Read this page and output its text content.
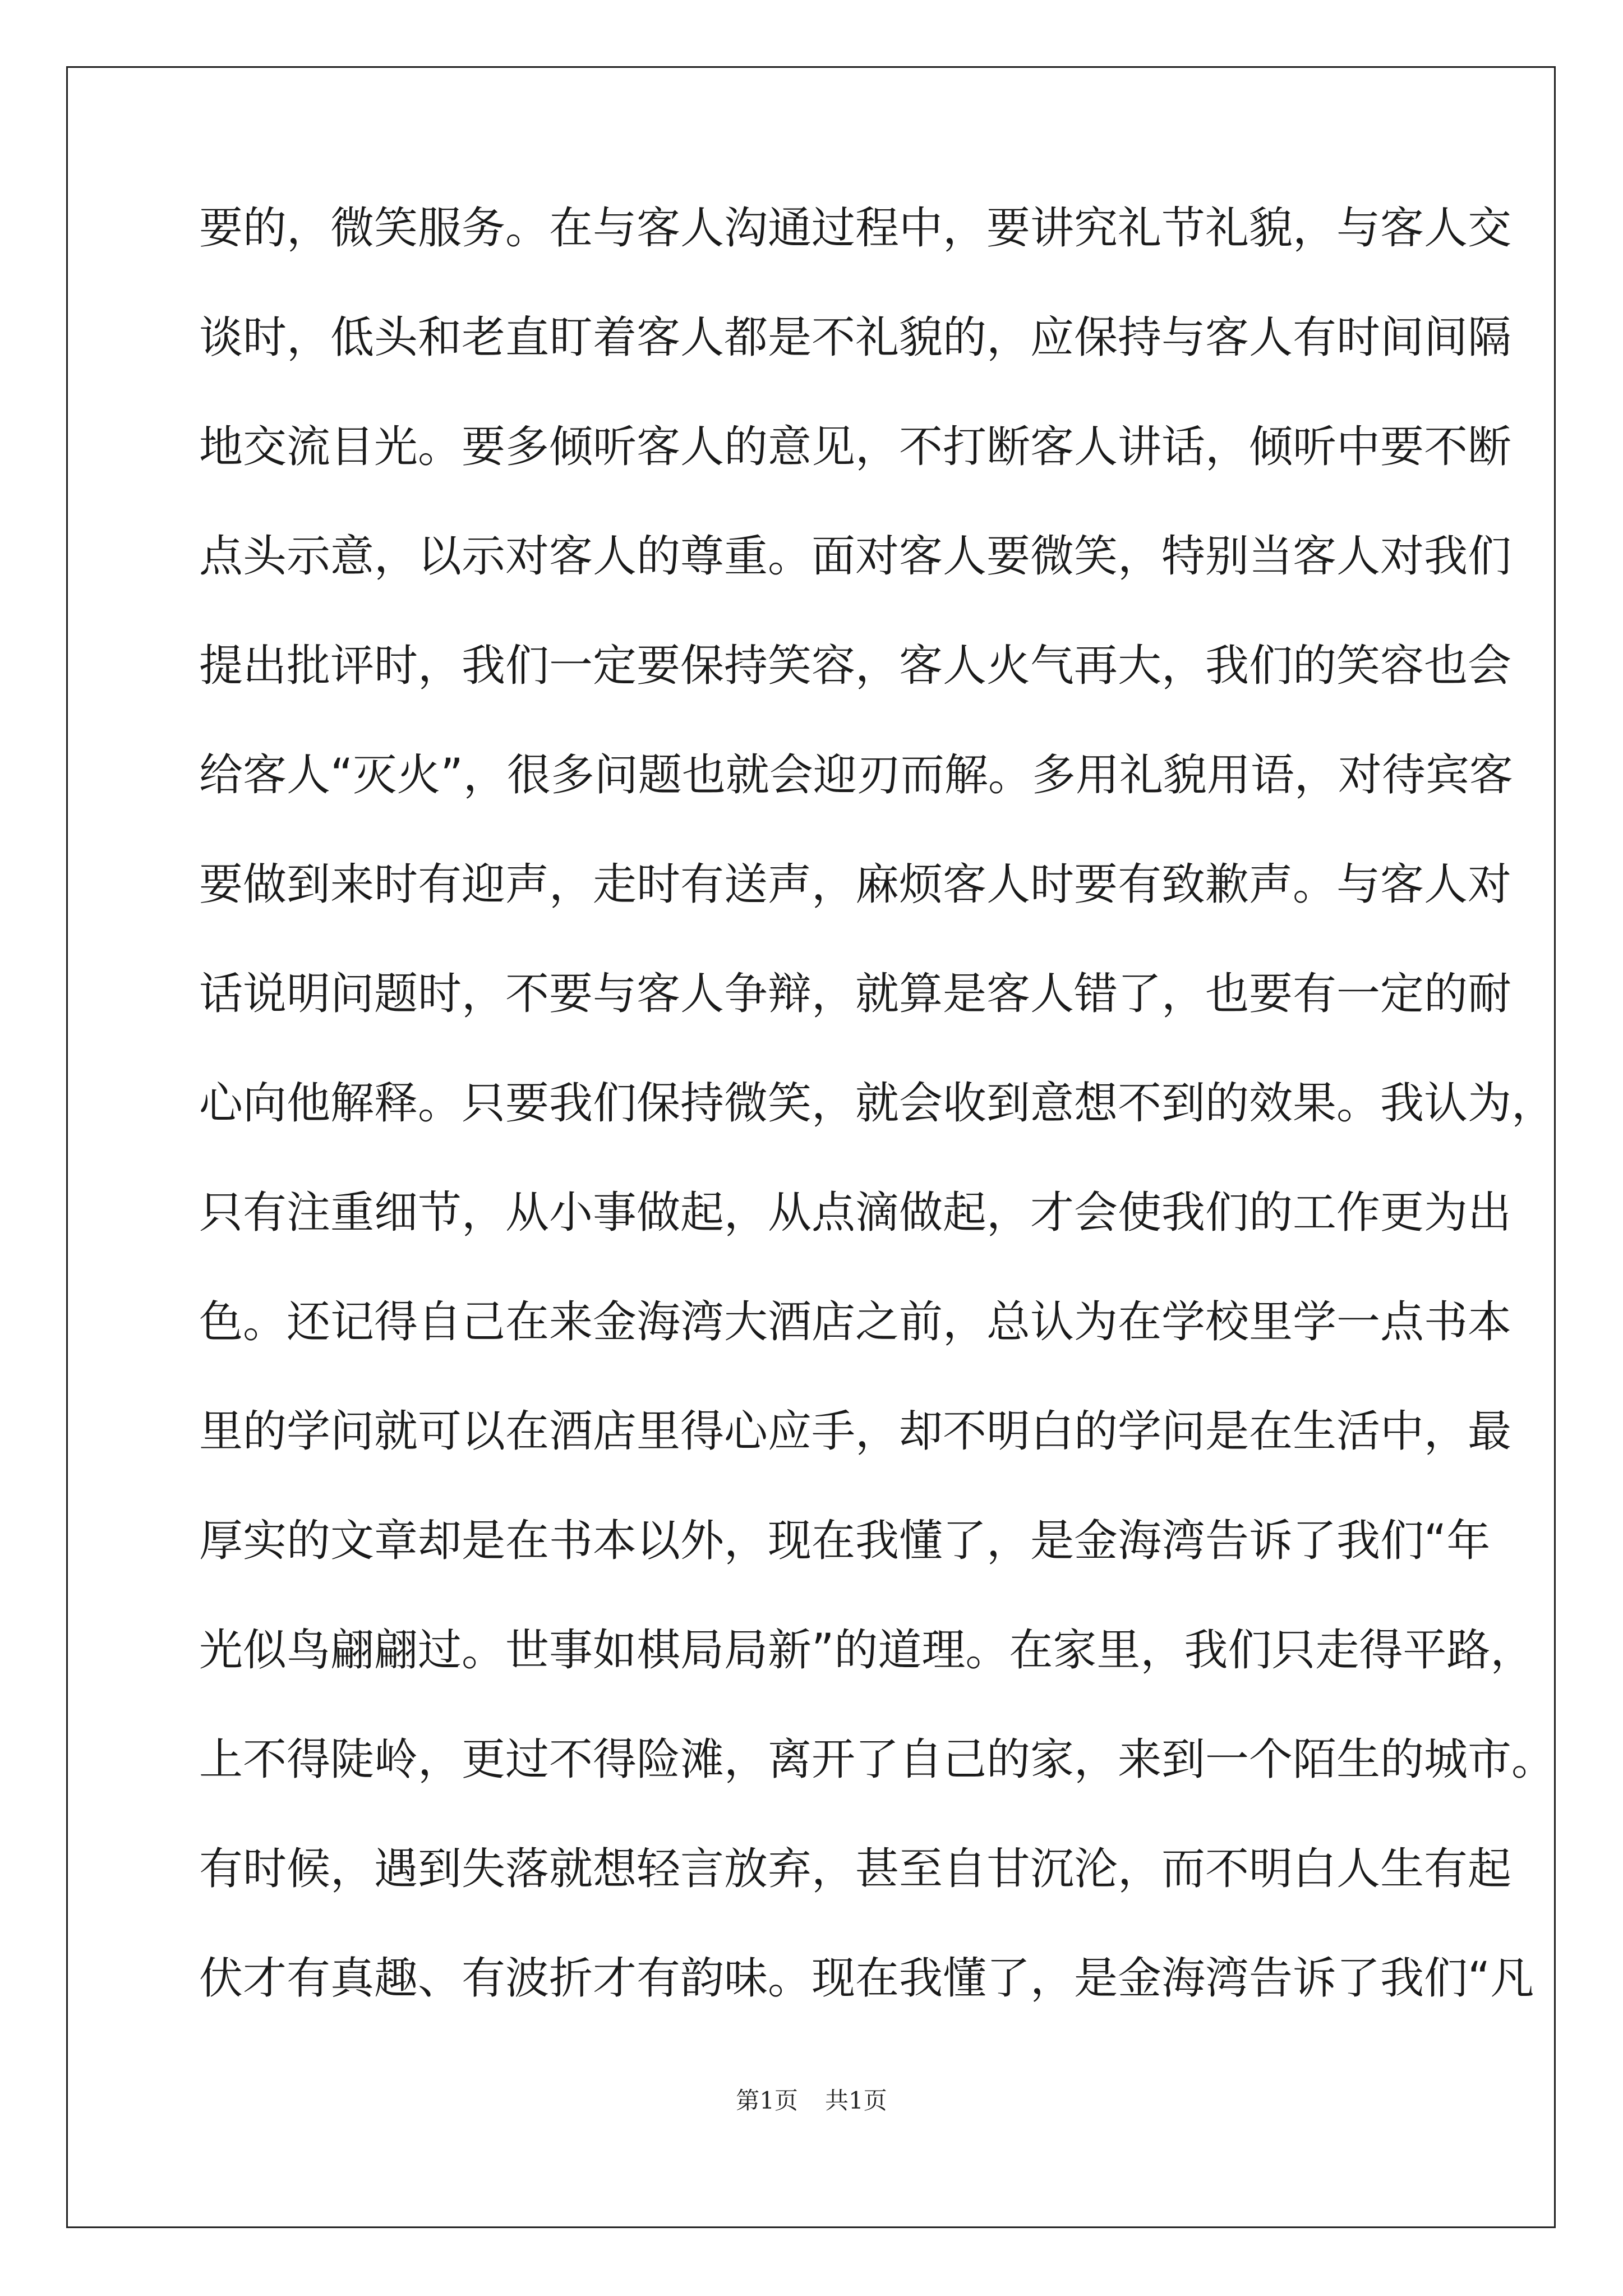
要的，微笑服务。在与客人沟通过程中，要讲究礼节礼貌，与客人交
谈时，低头和老直盯着客人都是不礼貌的，应保持与客人有时间间隔
地交流目光。要多倾听客人的意见，不打断客人讲话，倾听中要不断
点头示意，以示对客人的尊重。面对客人要微笑，特别当客人对我们
提出批评时，我们一定要保持笑容，客人火气再大，我们的笑容也会
给客人“灭火”，很多问题也就会迎刃而解。多用礼貌用语，对待宾客
要做到来时有迎声，走时有送声，麻烦客人时要有致歉声。与客人对
话说明问题时，不要与客人争辩，就算是客人错了，也要有一定的耐
心向他解释。只要我们保持微笑，就会收到意想不到的效果。我认为，
只有注重细节，从小事做起，从点滴做起，才会使我们的工作更为出
色。还记得自己在来金海湾大酒店之前，总认为在学校里学一点书本
里的学问就可以在酒店里得心应手，却不明白的学问是在生活中，最
厚实的文章却是在书本以外，现在我懂了，是金海湾告诉了我们“年
光似鸟翩翩过。世事如棋局局新”的道理。在家里，我们只走得平路，
上不得陡岭，更过不得险滩，离开了自己的家，来到一个陌生的城市。
有时候，遇到失落就想轻言放弃，甚至自甘沉沦，而不明白人生有起
伏才有真趣、有波折才有韵味。现在我懂了，是金海湾告诉了我们“凡
第1页 共1页
